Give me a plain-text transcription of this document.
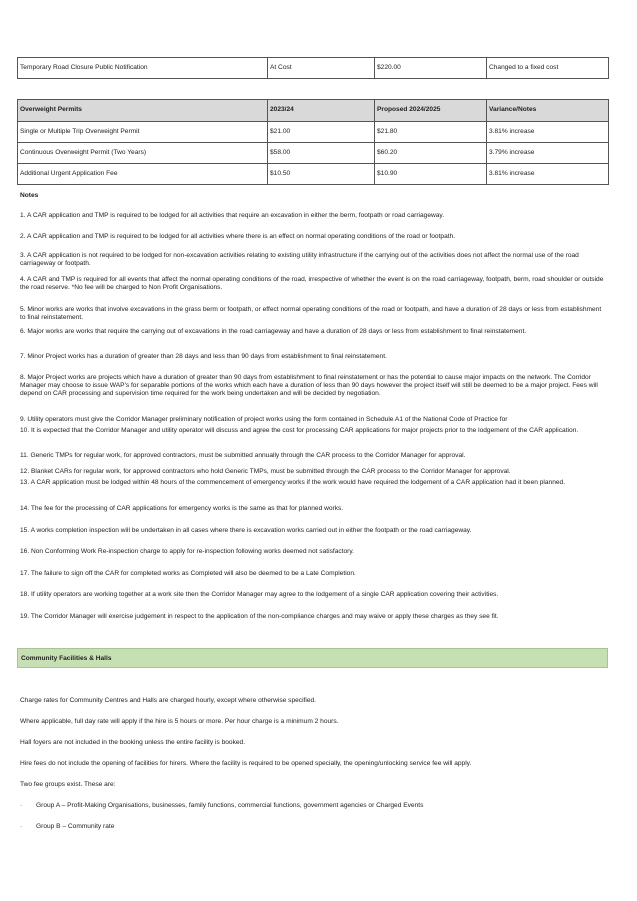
Temporary Road Closure Public Notification	At Cost	$220.00	Changed to a fixed cost
Overweight Permits	2023/24	Proposed 2024/2025	Variance/Notes
Single or Multiple Trip Overweight Permit	$21.00	$21.80	3.81% increase
Continuous Overweight Permit (Two Years)	$58.00	$60.20	3.79% increase
Additional Urgent Application Fee	$10.50	$10.90	3.81% increase
Notes
1. A CAR application and TMP is required to be lodged for all activities that require an excavation in either the berm, footpath or road carriageway.
2. A CAR application and TMP is required to be lodged for all activities where there is an effect on normal operating conditions of the road or footpath.
3. A CAR application is not required to be lodged for non-excavation activities relating to existing utility infrastructure if the carrying out of the activities does not affect the normal use of the road carriageway or footpath.
4. A CAR and TMP is required for all events that affect the normal operating conditions of the road, irrespective of whether the event is on the road carriageway, footpath, berm, road shoulder or outside the road reserve. *No fee will be charged to Non Profit Organisations.
5. Minor works are works that involve excavations in the grass berm or footpath, or effect normal operating conditions of the road or footpath, and have a duration of 28 days or less from establishment to final reinstatement.
6. Major works are works that require the carrying out of excavations in the road carriageway and have a duration of 28 days or less from establishment to final reinstatement.
7. Minor Project works has a duration of greater than 28 days and less than 90 days from establishment to final reinstatement.
8. Major Project works are projects which have a duration of greater than 90 days from establishment to final reinstatement or has the potential to cause major impacts on the network. The Corridor Manager may choose to issue WAP's for separable portions of the works which each have a duration of less than 90 days however the project itself will still be deemed to be a major project. Fees will depend on CAR processing and supervision time required for the work being undertaken and will be decided by negotiation.
9. Utility operators must give the Corridor Manager preliminary notification of project works using the form contained in Schedule A1 of the National Code of Practice for
10. It is expected that the Corridor Manager and utility operator will discuss and agree the cost for processing CAR applications for major projects prior to the lodgement of the CAR application.
11. Generic TMPs for regular work, for approved contractors, must be submitted annually through the CAR process to the Corridor Manager for approval.
12. Blanket CARs for regular work, for approved contractors who hold Generic TMPs, must be submitted through the CAR process to the Corridor Manager for approval.
13. A CAR application must be lodged within 48 hours of the commencement of emergency works if the work would have required the lodgement of a CAR application had it been planned.
14. The fee for the processing of CAR applications for emergency works is the same as that for planned works.
15. A works completion inspection will be undertaken in all cases where there is excavation works carried out in either the footpath or the road carriageway.
16. Non Conforming Work Re-inspection charge to apply for re-inspection following works deemed not satisfactory.
17. The failure to sign off the CAR for completed works as Completed will also be deemed to be a Late Completion.
18. If utility operators are working together at a work site then the Corridor Manager may agree to the lodgement of a single CAR application covering their activities.
19. The Corridor Manager will exercise judgement in respect to the application of the non-compliance charges and may waive or apply these charges as they see fit.
Community Facilities & Halls
Charge rates for Community Centres and Halls are charged hourly, except where otherwise specified.
Where applicable, full day rate will apply if the hire is 5 hours or more. Per hour charge is a minimum 2 hours.
Hall foyers are not included in the booking unless the entire facility is booked.
Hire fees do not include the opening of facilities for hirers. Where the facility is required to be opened specially, the opening/unlocking service fee will apply.
Two fee groups exist. These are:
· Group A – Profit-Making Organisations, businesses, family functions, commercial functions, government agencies or Charged Events
· Group B – Community rate
